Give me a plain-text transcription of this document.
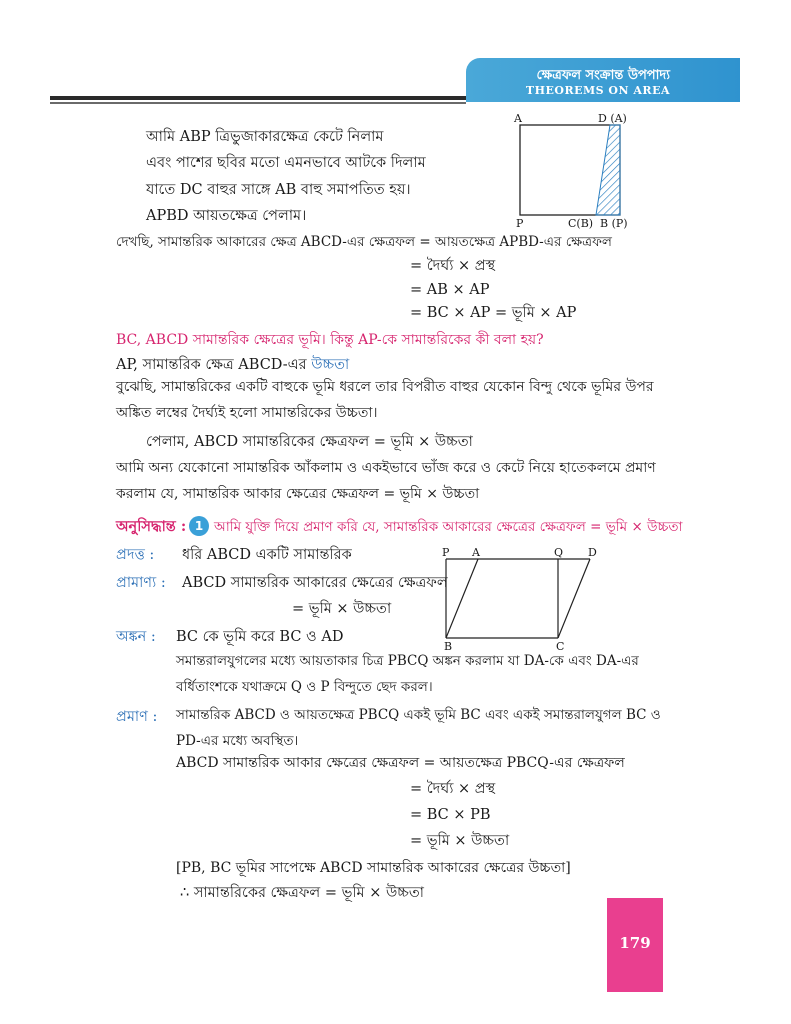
ক্ষেত্রফল সংক্রান্ত উপপাদ্য
THEOREMS ON AREA
A	D (A)
P	C(B) B (P)
আমি ABP ত্রিভুজাকারক্ষেত্র কেটে নিলাম
এবং পাশের ছবির মতো এমনভাবে আটকে দিলাম
যাতে DC বাহুর সাঙ্গে AB বাহু সমাপতিত হয়।
APBD আয়তক্ষেত্র পেলাম।
দেখছি, সামান্তরিক আকারের ক্ষেত্র ABCD-এর ক্ষেত্রফল = আয়তক্ষেত্র APBD-এর ক্ষেত্রফল
= দৈর্ঘ্য × প্রস্থ
= AB × AP
= BC × AP = ভূমি × AP
BC, ABCD সামান্তরিক ক্ষেত্রের ভূমি। কিন্তু AP-কে সামান্তরিকের কী বলা হয়?
AP, সামান্তরিক ক্ষেত্র ABCD-এর উচ্চতা
বুঝেছি, সামান্তরিকের একটি বাহুকে ভূমি ধরলে তার বিপরীত বাহুর যেকোন বিন্দু থেকে ভূমির উপর অঙ্কিত লম্বের দৈর্ঘ্যই হলো সামান্তরিকের উচ্চতা।
পেলাম, ABCD সামান্তরিকের ক্ষেত্রফল = ভূমি × উচ্চতা
আমি অন্য যেকোনো সামান্তরিক আঁকলাম ও একইভাবে ভাঁজ করে ও কেটে নিয়ে হাতেকলমে প্রমাণ করলাম যে, সামান্তরিক আকার ক্ষেত্রের ক্ষেত্রফল = ভূমি × উচ্চতা
অনুসিদ্ধান্ত : 1 আমি যুক্তি দিয়ে প্রমাণ করি যে, সামান্তরিক আকারের ক্ষেত্রের ক্ষেত্রফল = ভূমি × উচ্চতা
প্রদত্ত : ধরি ABCD একটি সামান্তরিক
প্রামাণ্য : ABCD সামান্তরিক আকারের ক্ষেত্রের ক্ষেত্রফল
= ভূমি × উচ্চতা
P A	Q D
B	C
অঙ্কন : BC কে ভূমি করে BC ও AD
সমান্তরালযুগলের মধ্যে আয়তাকার চিত্র PBCQ অঙ্কন করলাম যা DA-কে এবং DA-এর বর্ধিতাংশকে যথাক্রমে Q ও P বিন্দুতে ছেদ করল।
প্রমাণ : সামান্তরিক ABCD ও আয়তক্ষেত্র PBCQ একই ভূমি BC এবং একই সমান্তরালযুগল BC ও PD-এর মধ্যে অবস্থিত।
ABCD সামান্তরিক আকার ক্ষেত্রের ক্ষেত্রফল = আয়তক্ষেত্র PBCQ-এর ক্ষেত্রফল
= দৈর্ঘ্য × প্রস্থ
= BC × PB
= ভূমি × উচ্চতা
[PB, BC ভূমির সাপেক্ষে ABCD সামান্তরিক আকারের ক্ষেত্রের উচ্চতা]
∴ সামান্তরিকের ক্ষেত্রফল = ভূমি × উচ্চতা
179
